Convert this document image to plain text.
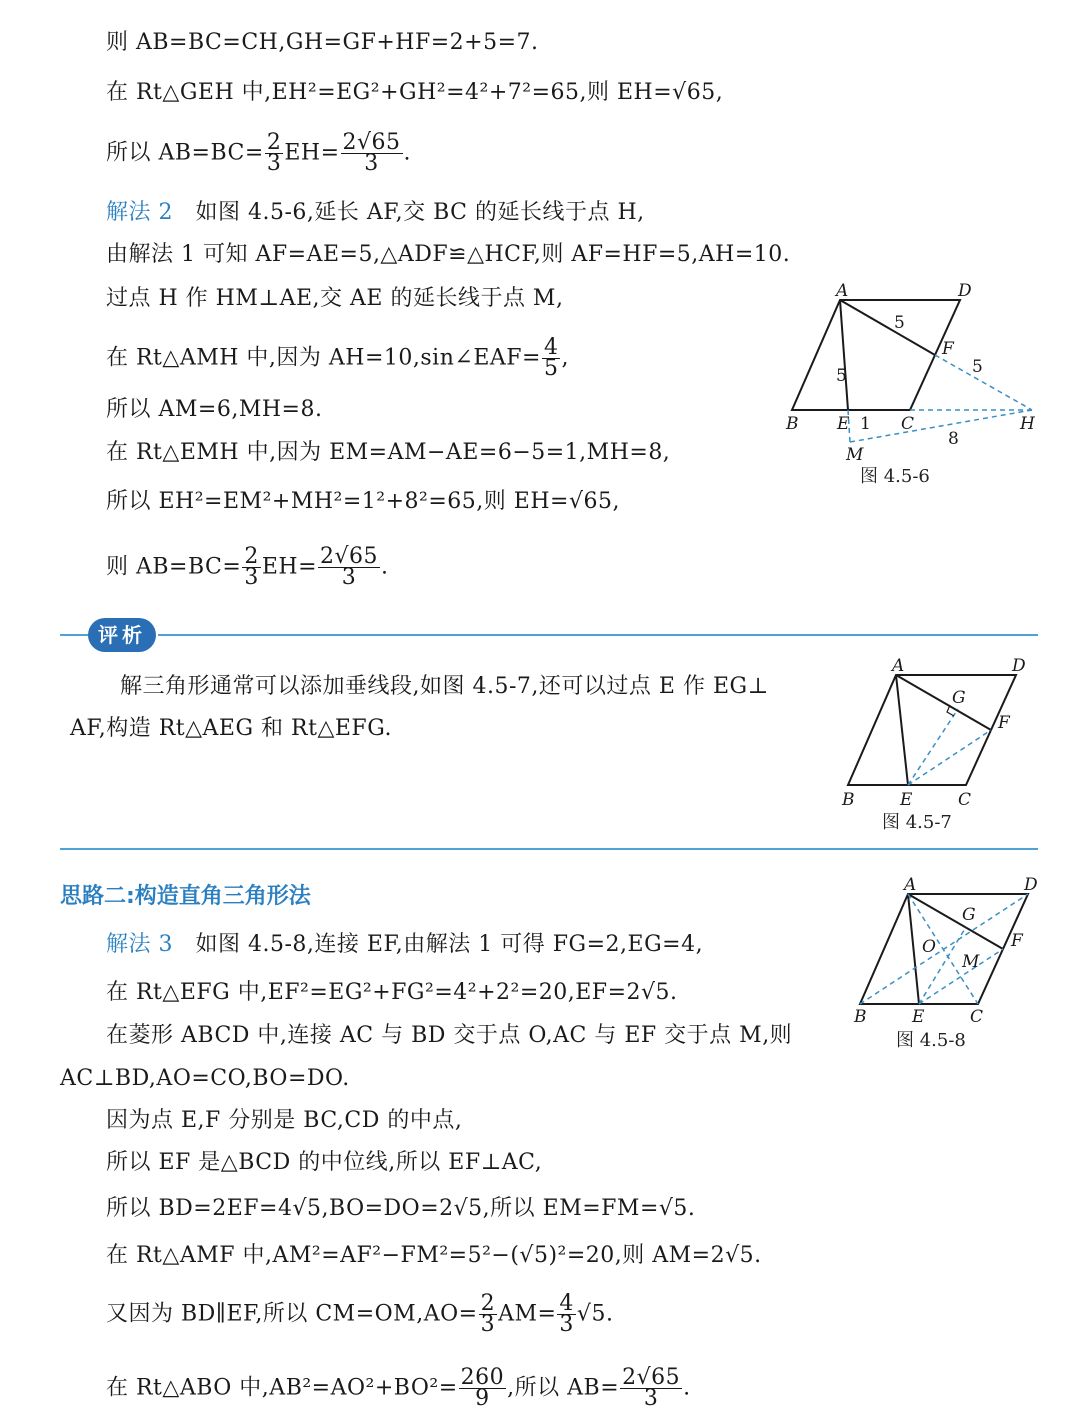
则 AB=BC=CH,GH=GF+HF=2+5=7.
在 Rt△GEH 中,EH²=EG²+GH²=4²+7²=65,则 EH=√65,
所以 $AB=BC= \frac{2}{3} EH= \frac{2√65}{3}$ .
解法 2 如图 4.5-6,延长 AF,交 BC 的延长线于点 H,
由解法 1 可知 AF=AE=5,△ADF≌△HCF,则 AF=HF=5,AH=10.
过点 H 作 HM⊥AE,交 AE 的延长线于点 M,
在 Rt△AMH 中,因为 AH=10,sin∠EAF= $\frac{4}{5}$ ,
所以 AM=6,MH=8.
在 Rt△EMH 中,因为 EM=AM−AE=6−5=1,MH=8,
所以 EH²=EM²+MH²=1²+8²=65,则 EH=√65,
则 $AB=BC= \frac{2}{3} EH= \frac{2√65}{3}$ .
A	D
B E	C
F
H
M
5
5	5
1
8
图 4.5-6
评析
解三角形通常可以添加垂线段,如图 4.5-7,还可以过点 E 作 EG⊥
AF,构造 Rt△AEG 和 Rt△EFG.
A	D
B	E	C
F
G
图 4.5-7
思路二:构造直角三角形法
解法 3 如图 4.5-8,连接 EF,由解法 1 可得 FG=2,EG=4,
在 Rt△EFG 中,EF²=EG²+FG²=4²+2²=20,EF=2√5.
在菱形 ABCD 中,连接 AC 与 BD 交于点 O,AC 与 EF 交于点 M,则
AC⊥BD,AO=CO,BO=DO.
因为点 E,F 分别是 BC,CD 的中点,
所以 EF 是△BCD 的中位线,所以 EF⊥AC,
所以 BD=2EF=4√5,BO=DO=2√5,所以 EM=FM=√5.
在 Rt△AMF 中,AM²=AF²−FM²=5²−(√5)²=20,则 AM=2√5.
又因为 BD∥EF,所以 $CM=OM,AO= \frac{2}{3} AM= \frac{4}{3} √5$.
在 Rt△ABO 中$,AB^2=AO^2+BO^2= \frac{260}{9}$ ,所以 $AB= \frac{2√65}{3}$ .
A	D
B	E	C
F
G
O
M
图 4.5-8
